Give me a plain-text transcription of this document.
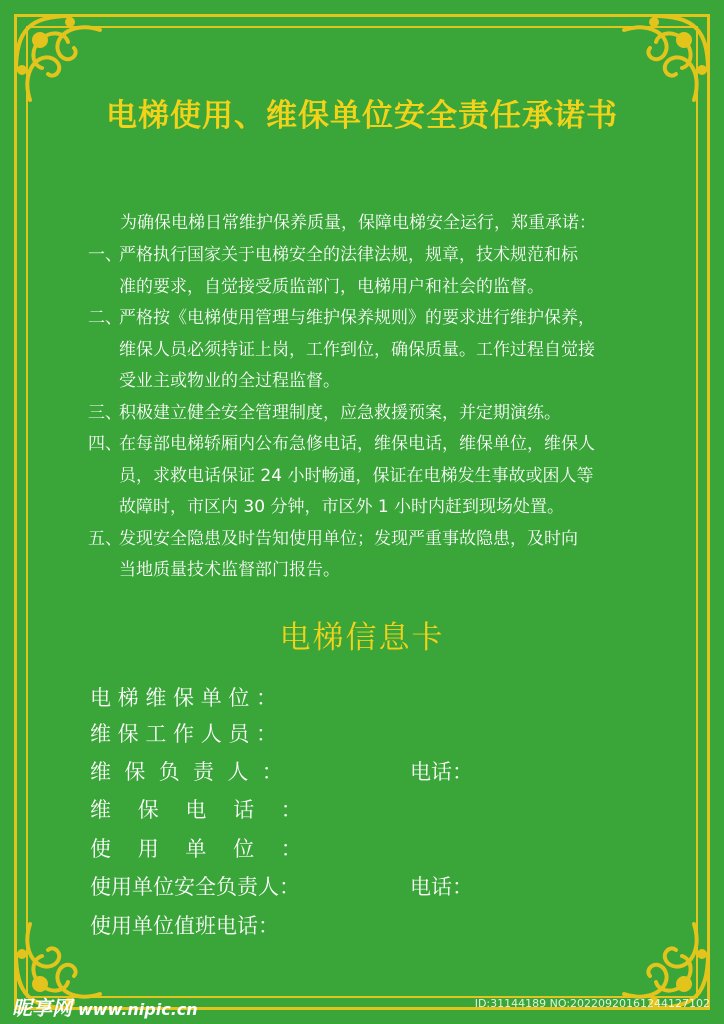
电梯使用、维保单位安全责任承诺书
为确保电梯日常维护保养质量，保障电梯安全运行，郑重承诺：
一、
严格执行国家关于电梯安全的法律法规，规章，技术规范和标
准的要求，自觉接受质监部门，电梯用户和社会的监督。
二、
严格按《电梯使用管理与维护保养规则》的要求进行维护保养，
维保人员必须持证上岗，工作到位，确保质量。工作过程自觉接
受业主或物业的全过程监督。
三、
积极建立健全安全管理制度，应急救援预案，并定期演练。
四、
在每部电梯轿厢内公布急修电话，维保电话，维保单位，维保人
员，求救电话保证 24 小时畅通，保证在电梯发生事故或困人等
故障时，市区内 30 分钟，市区外 1 小时内赶到现场处置。
五、
发现安全隐患及时告知使用单位；发现严重事故隐患，及时向
当地质量技术监督部门报告。
电梯信息卡
电 梯 维 保 单 位 ：
维 保 工 作 人 员 ：
维  保  负  责  人  ：	电话：
维    保    电    话    ：
使    用    单    位    ：
使用单位安全负责人：	电话：
使用单位值班电话：
昵享网 www.nipic.cn	ID:31144189 NO:20220920161244127102
